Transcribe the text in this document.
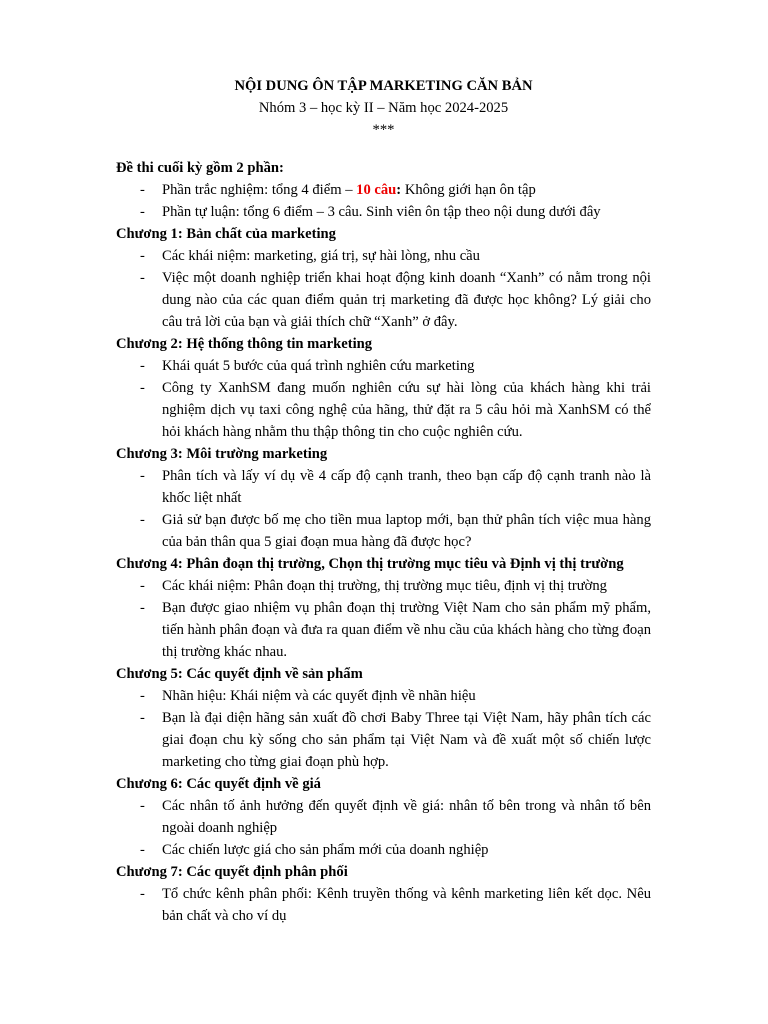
NỘI DUNG ÔN TẬP MARKETING CĂN BẢN

Nhóm 3 – học kỳ II – Năm học 2024-2025

***

Đề thi cuối kỳ gồm 2 phần:
- Phần trắc nghiệm: tổng 4 điểm – 10 câu: Không giới hạn ôn tập
- Phần tự luận: tổng 6 điểm – 3 câu. Sinh viên ôn tập theo nội dung dưới đây
Chương 1: Bản chất của marketing
- Các khái niệm: marketing, giá trị, sự hài lòng, nhu cầu
- Việc một doanh nghiệp triển khai hoạt động kinh doanh “Xanh” có nằm trong nội dung nào của các quan điểm quản trị marketing đã được học không? Lý giải cho câu trả lời của bạn và giải thích chữ “Xanh” ở đây.
Chương 2: Hệ thống thông tin marketing
- Khái quát 5 bước của quá trình nghiên cứu marketing
- Công ty XanhSM đang muốn nghiên cứu sự hài lòng của khách hàng khi trải nghiệm dịch vụ taxi công nghệ của hãng, thử đặt ra 5 câu hỏi mà XanhSM có thể hỏi khách hàng nhằm thu thập thông tin cho cuộc nghiên cứu.
Chương 3: Môi trường marketing
- Phân tích và lấy ví dụ về 4 cấp độ cạnh tranh, theo bạn cấp độ cạnh tranh nào là khốc liệt nhất
- Giả sử bạn được bố mẹ cho tiền mua laptop mới, bạn thử phân tích việc mua hàng của bản thân qua 5 giai đoạn mua hàng đã được học?
Chương 4: Phân đoạn thị trường, Chọn thị trường mục tiêu và Định vị thị trường
- Các khái niệm: Phân đoạn thị trường, thị trường mục tiêu, định vị thị trường
- Bạn được giao nhiệm vụ phân đoạn thị trường Việt Nam cho sản phẩm mỹ phẩm, tiến hành phân đoạn và đưa ra quan điểm về nhu cầu của khách hàng cho từng đoạn thị trường khác nhau.
Chương 5: Các quyết định về sản phẩm
- Nhãn hiệu: Khái niệm và các quyết định về nhãn hiệu
- Bạn là đại diện hãng sản xuất đồ chơi Baby Three tại Việt Nam, hãy phân tích các giai đoạn chu kỳ sống cho sản phẩm tại Việt Nam và đề xuất một số chiến lược marketing cho từng giai đoạn phù hợp.
Chương 6: Các quyết định về giá
- Các nhân tố ảnh hưởng đến quyết định về giá: nhân tố bên trong và nhân tố bên ngoài doanh nghiệp
- Các chiến lược giá cho sản phẩm mới của doanh nghiệp
Chương 7: Các quyết định phân phối
- Tổ chức kênh phân phối: Kênh truyền thống và kênh marketing liên kết dọc. Nêu bản chất và cho ví dụ
